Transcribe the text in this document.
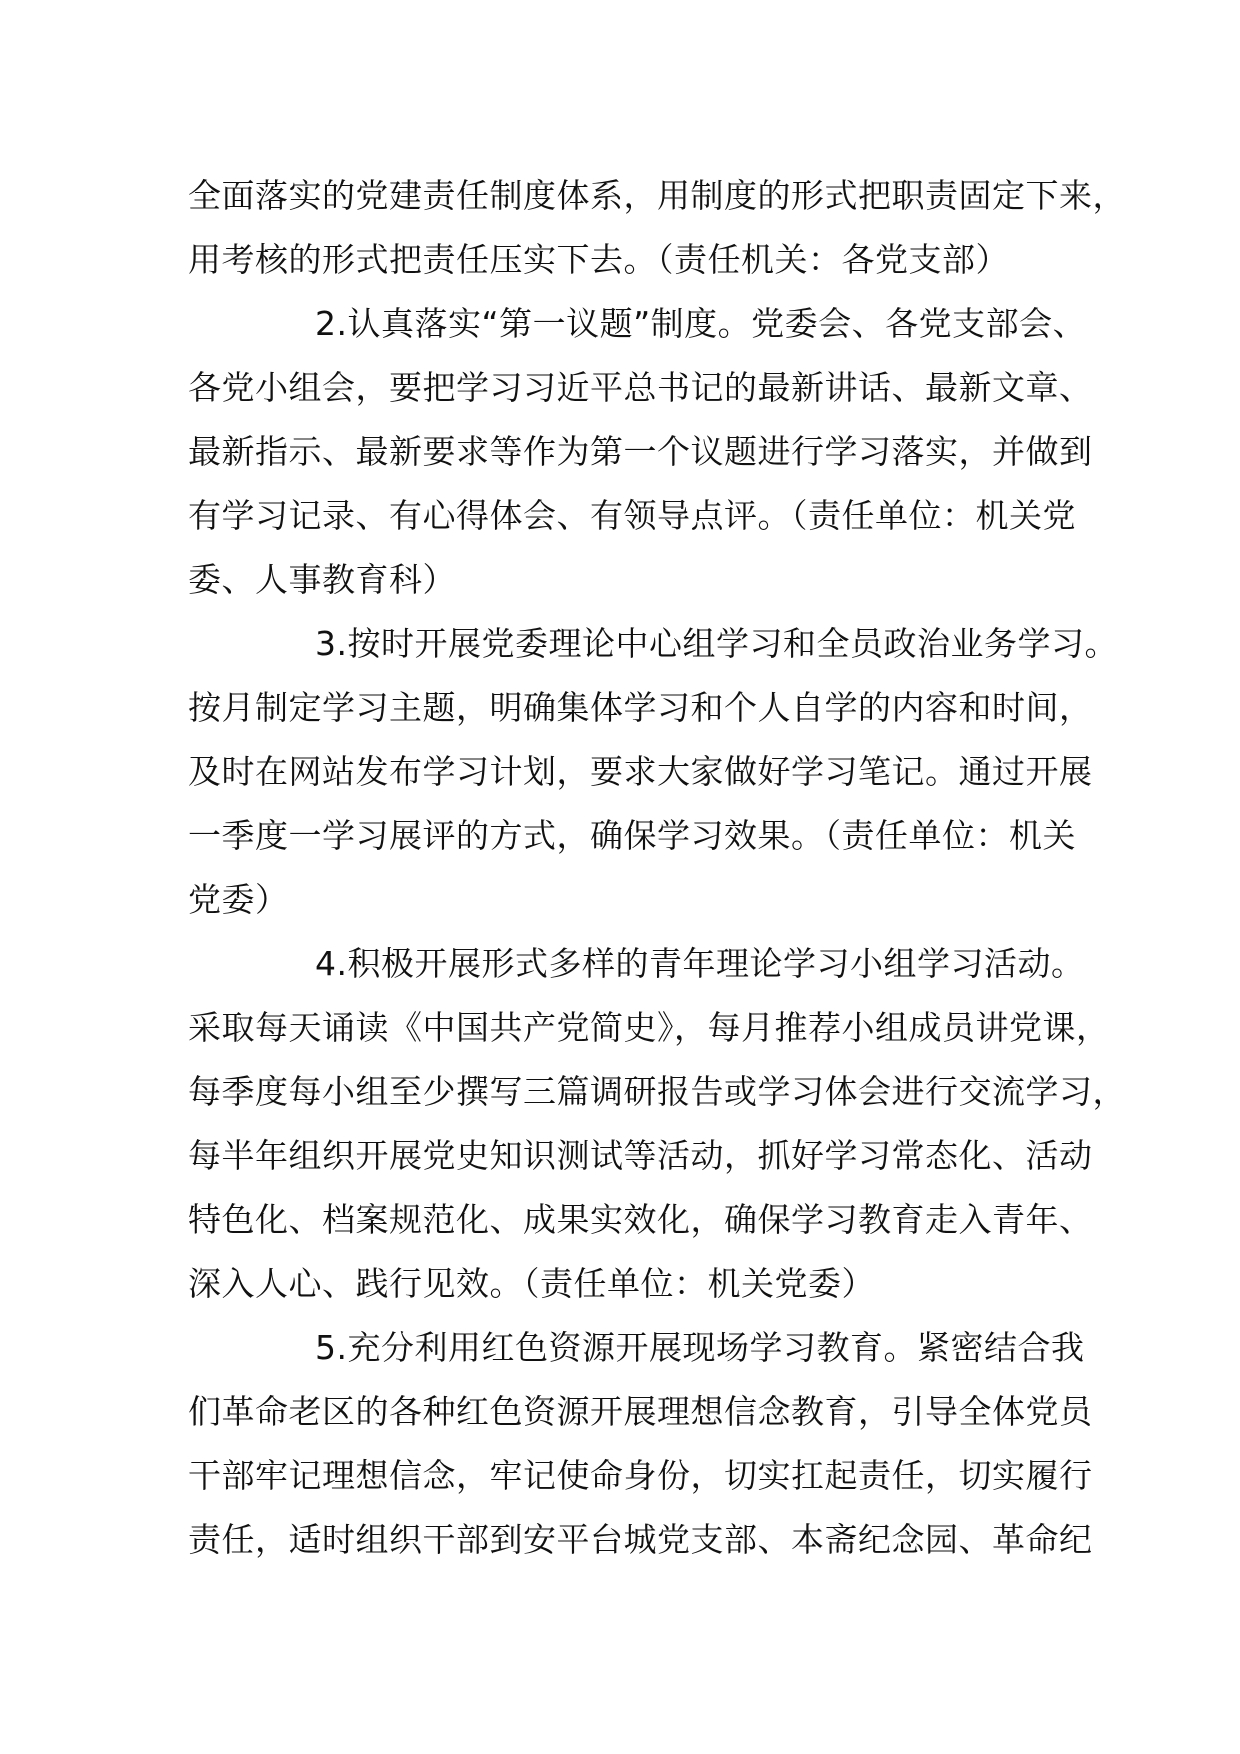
全面落实的党建责任制度体系，用制度的形式把职责固定下来，
用考核的形式把责任压实下去。（责任机关：各党支部）
2.认真落实“第一议题”制度。党委会、各党支部会、
各党小组会，要把学习习近平总书记的最新讲话、最新文章、
最新指示、最新要求等作为第一个议题进行学习落实，并做到
有学习记录、有心得体会、有领导点评。（责任单位：机关党
委、人事教育科）
3.按时开展党委理论中心组学习和全员政治业务学习。
按月制定学习主题，明确集体学习和个人自学的内容和时间，
及时在网站发布学习计划，要求大家做好学习笔记。通过开展
一季度一学习展评的方式，确保学习效果。（责任单位：机关
党委）
4.积极开展形式多样的青年理论学习小组学习活动。
采取每天诵读《中国共产党简史》，每月推荐小组成员讲党课，
每季度每小组至少撰写三篇调研报告或学习体会进行交流学习，
每半年组织开展党史知识测试等活动，抓好学习常态化、活动
特色化、档案规范化、成果实效化，确保学习教育走入青年、
深入人心、践行见效。（责任单位：机关党委）
5.充分利用红色资源开展现场学习教育。紧密结合我
们革命老区的各种红色资源开展理想信念教育，引导全体党员
干部牢记理想信念，牢记使命身份，切实扛起责任，切实履行
责任，适时组织干部到安平台城党支部、本斋纪念园、革命纪
